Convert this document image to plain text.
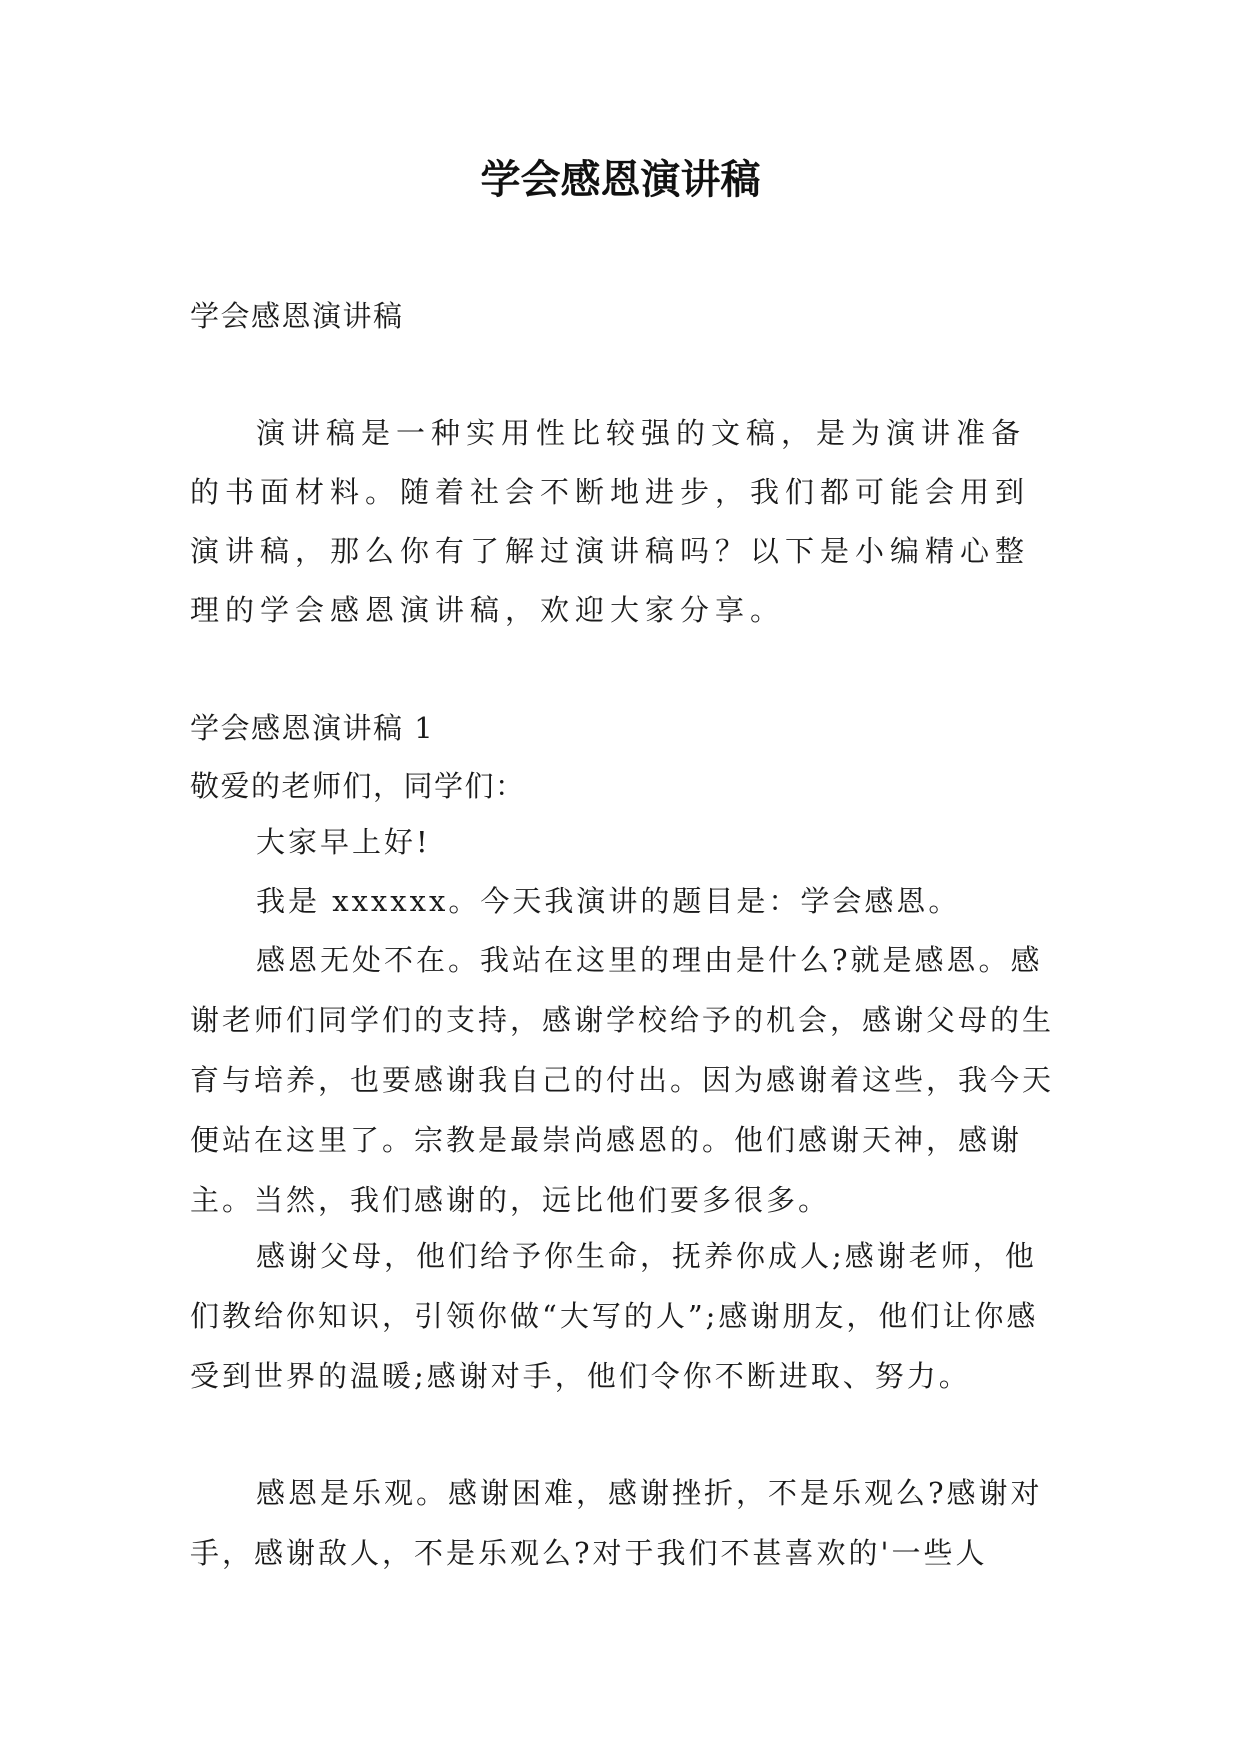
学会感恩演讲稿

学会感恩演讲稿

演讲稿是一种实用性比较强的文稿，是为演讲准备的书面材料。随着社会不断地进步，我们都可能会用到演讲稿，那么你有了解过演讲稿吗？以下是小编精心整理的学会感恩演讲稿，欢迎大家分享。

学会感恩演讲稿 1

敬爱的老师们，同学们：

大家早上好!

我是 xxxxxx。今天我演讲的题目是：学会感恩。

感恩无处不在。我站在这里的理由是什么?就是感恩。感谢老师们同学们的支持，感谢学校给予的机会，感谢父母的生育与培养，也要感谢我自己的付出。因为感谢着这些，我今天便站在这里了。宗教是最崇尚感恩的。他们感谢天神，感谢主。当然，我们感谢的，远比他们要多很多。

感谢父母，他们给予你生命，抚养你成人;感谢老师，他们教给你知识，引领你做“大写的人”;感谢朋友，他们让你感受到世界的温暖;感谢对手，他们令你不断进取、努力。

感恩是乐观。感谢困难，感谢挫折，不是乐观么?感谢对手，感谢敌人，不是乐观么?对于我们不甚喜欢的'一些人
